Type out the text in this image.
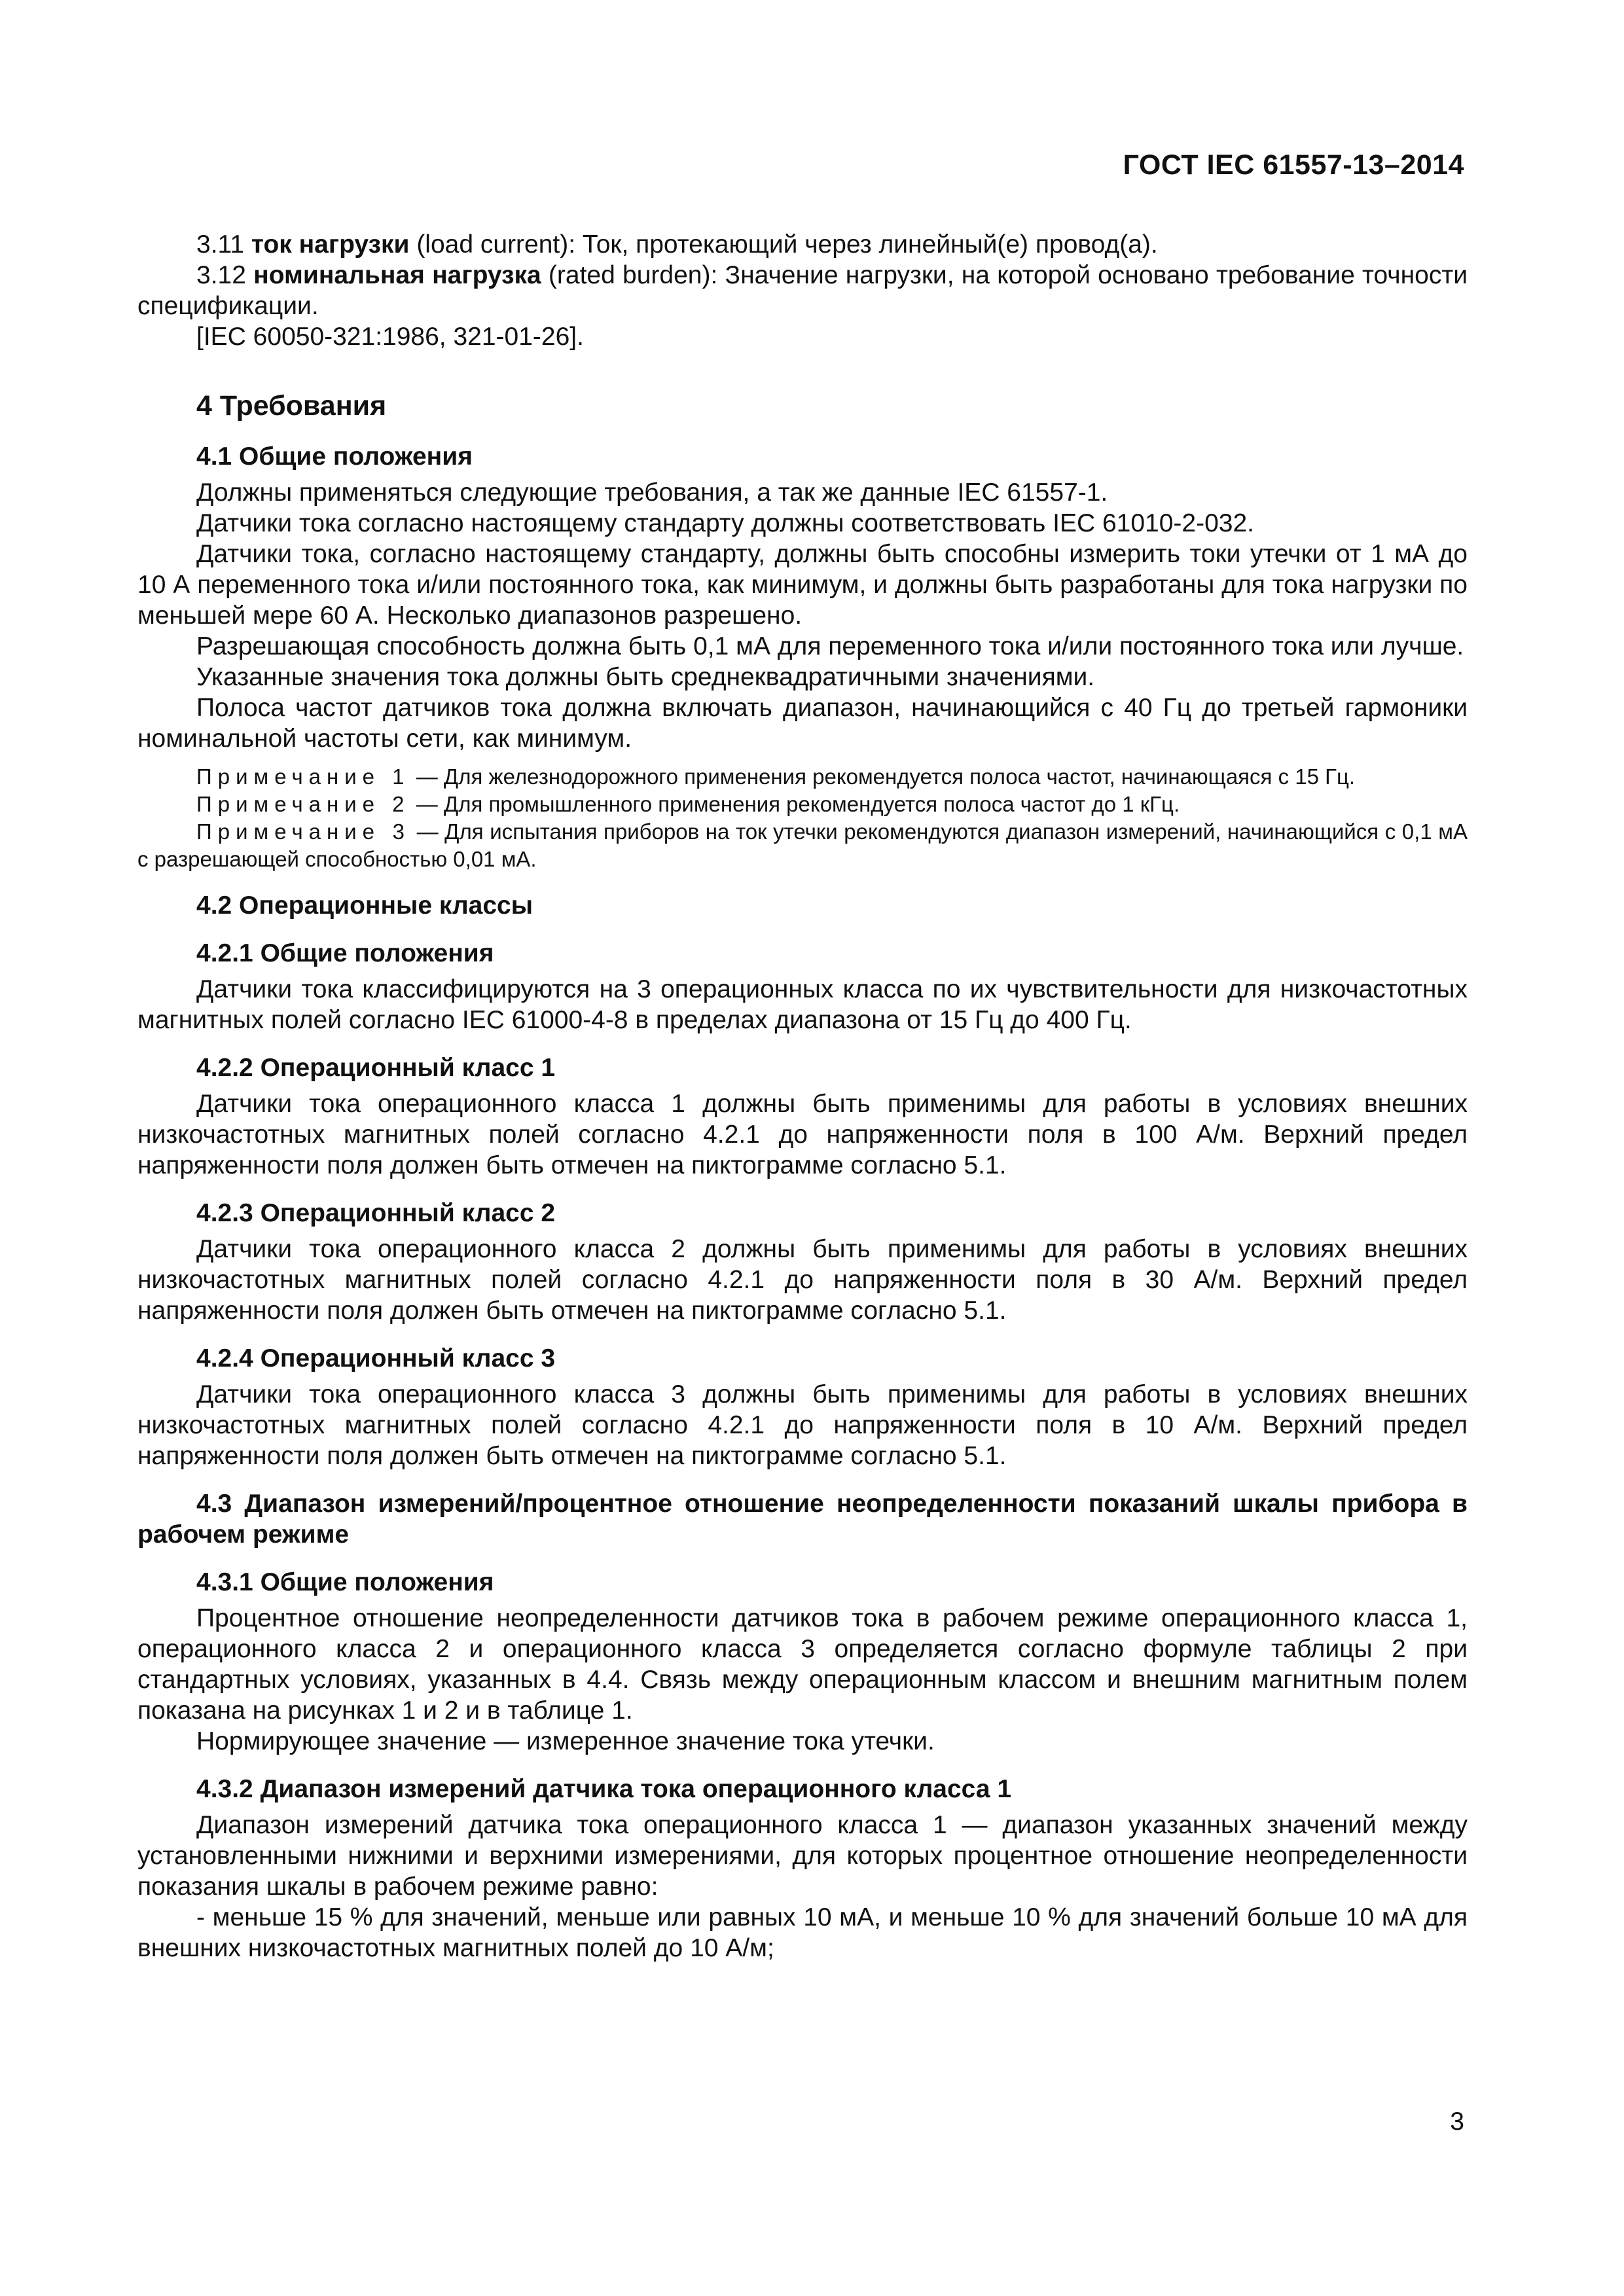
ГОСТ IEC 61557-13–2014

3.11 ток нагрузки (load current): Ток, протекающий через линейный(е) провод(а).

3.12 номинальная нагрузка (rated burden): Значение нагрузки, на которой основано требование точности спецификации.

[IEC 60050-321:1986, 321-01-26].

4 Требования
4.1 Общие положения

Должны применяться следующие требования, а так же данные IEC 61557-1.

Датчики тока согласно настоящему стандарту должны соответствовать IEC 61010-2-032.

Датчики тока, согласно настоящему стандарту, должны быть способны измерить токи утечки от 1 мА до 10 А переменного тока и/или постоянного тока, как минимум, и должны быть разработаны для тока нагрузки по меньшей мере 60 А. Несколько диапазонов разрешено.

Разрешающая способность должна быть 0,1 мА для переменного тока и/или постоянного тока или лучше.

Указанные значения тока должны быть среднеквадратичными значениями.

Полоса частот датчиков тока должна включать диапазон, начинающийся с 40 Гц до третьей гармоники номинальной частоты сети, как минимум.

Примечание 1 — Для железнодорожного применения рекомендуется полоса частот, начинающаяся с 15 Гц.

Примечание 2 — Для промышленного применения рекомендуется полоса частот до 1 кГц.

Примечание 3 — Для испытания приборов на ток утечки рекомендуются диапазон измерений, начинающийся с 0,1 мА с разрешающей способностью 0,01 мА.

4.2 Операционные классы
4.2.1 Общие положения

Датчики тока классифицируются на 3 операционных класса по их чувствительности для низкочастотных магнитных полей согласно IEC 61000-4-8 в пределах диапазона от 15 Гц до 400 Гц.

4.2.2 Операционный класс 1

Датчики тока операционного класса 1 должны быть применимы для работы в условиях внешних низкочастотных магнитных полей согласно 4.2.1 до напряженности поля в 100 А/м. Верхний предел напряженности поля должен быть отмечен на пиктограмме согласно 5.1.

4.2.3 Операционный класс 2

Датчики тока операционного класса 2 должны быть применимы для работы в условиях внешних низкочастотных магнитных полей согласно 4.2.1 до напряженности поля в 30 А/м. Верхний предел напряженности поля должен быть отмечен на пиктограмме согласно 5.1.

4.2.4 Операционный класс 3

Датчики тока операционного класса 3 должны быть применимы для работы в условиях внешних низкочастотных магнитных полей согласно 4.2.1 до напряженности поля в 10 А/м. Верхний предел напряженности поля должен быть отмечен на пиктограмме согласно 5.1.

4.3 Диапазон измерений/процентное отношение неопределенности показаний шкалы прибора в рабочем режиме
4.3.1 Общие положения

Процентное отношение неопределенности датчиков тока в рабочем режиме операционного класса 1, операционного класса 2 и операционного класса 3 определяется согласно формуле таблицы 2 при стандартных условиях, указанных в 4.4. Связь между операционным классом и внешним магнитным полем показана на рисунках 1 и 2 и в таблице 1.

Нормирующее значение — измеренное значение тока утечки.

4.3.2 Диапазон измерений датчика тока операционного класса 1

Диапазон измерений датчика тока операционного класса 1 — диапазон указанных значений между установленными нижними и верхними измерениями, для которых процентное отношение неопределенности показания шкалы в рабочем режиме равно:

- меньше 15 % для значений, меньше или равных 10 мА, и меньше 10 % для значений больше 10 мА для внешних низкочастотных магнитных полей до 10 А/м;

3
